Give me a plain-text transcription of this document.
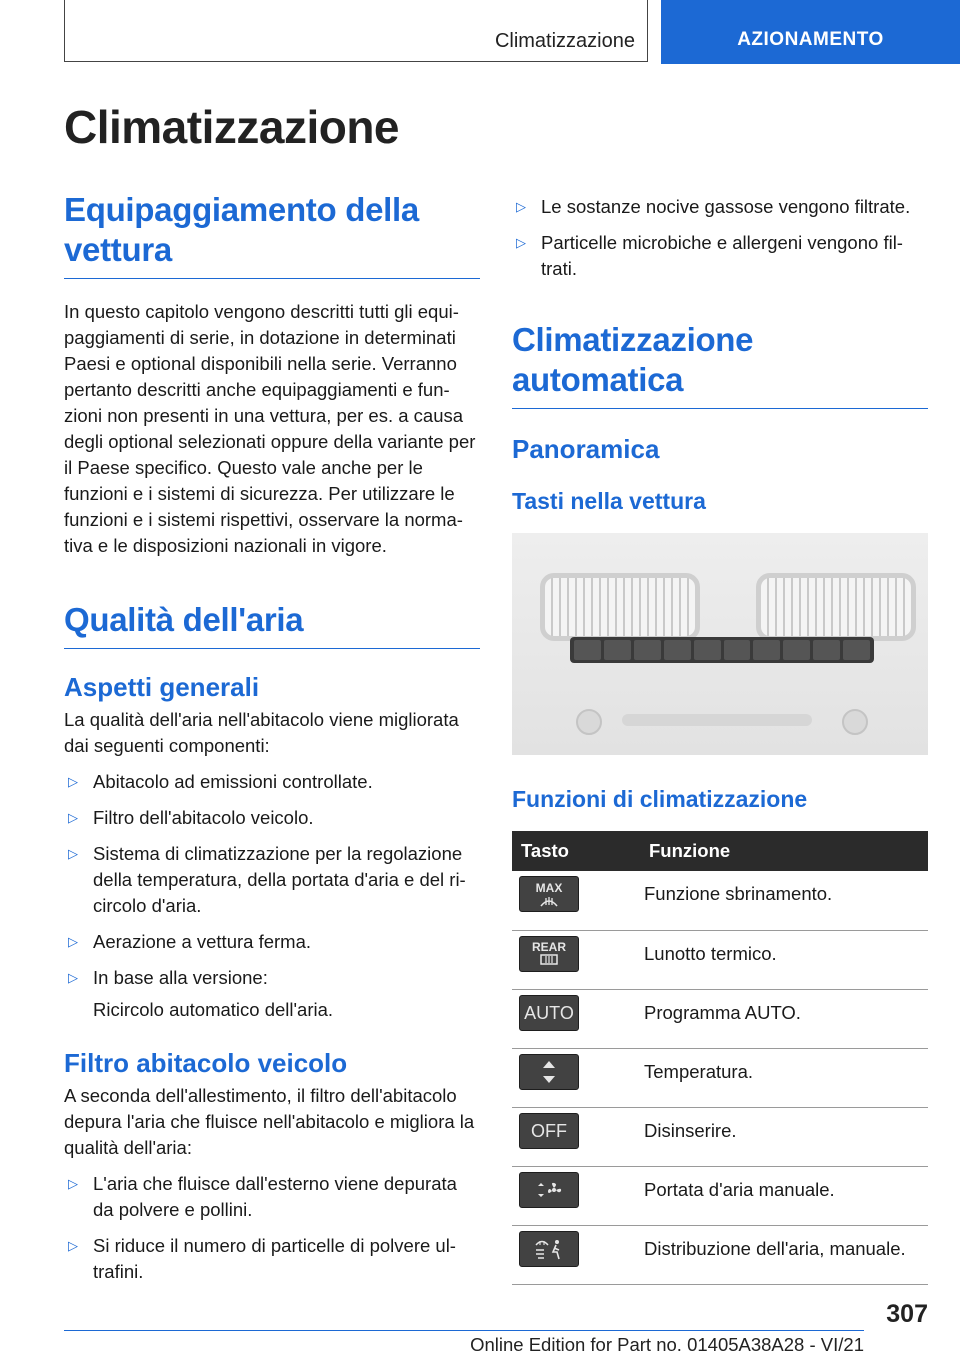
Climatizzazione	AZIONAMENTO
Climatizzazione
Equipaggiamento della vettura

In questo capitolo vengono descritti tutti gli equi-paggiamenti di serie, in dotazione in determinati Paesi e optional disponibili nella serie. Verranno pertanto descritti anche equipaggiamenti e fun-zioni non presenti in una vettura, per es. a causa degli optional selezionati oppure della variante per il Paese specifico. Questo vale anche per le funzioni e i sistemi di sicurezza. Per utilizzare le funzioni e i sistemi rispettivi, osservare la norma-tiva e le disposizioni nazionali in vigore.

Qualità dell'aria
Aspetti generali

La qualità dell'aria nell'abitacolo viene migliorata dai seguenti componenti:

▷ Abitacolo ad emissioni controllate.
▷ Filtro dell'abitacolo veicolo.
▷ Sistema di climatizzazione per la regolazione della temperatura, della portata d'aria e del ri-circolo d'aria.
▷ Aerazione a vettura ferma.
▷ In base alla versione:
Ricircolo automatico dell'aria.
Filtro abitacolo veicolo

A seconda dell'allestimento, il filtro dell'abitacolo depura l'aria che fluisce nell'abitacolo e migliora la qualità dell'aria:

▷ L'aria che fluisce dall'esterno viene depurata da polvere e pollini.
▷ Si riduce il numero di particelle di polvere ul-trafini.
▷ Le sostanze nocive gassose vengono filtrate.
▷ Particelle microbiche e allergeni vengono fil-trati.
Climatizzazione automatica
Panoramica
Tasti nella vettura
Funzioni di climatizzazione
Tasto	Funzione

MAX	Funzione sbrinamento.

REAR	Lunotto termico.

AUTO	Programma AUTO.

	Temperatura.

OFF	Disinserire.

	Portata d'aria manuale.

	Distribuzione dell'aria, manuale.
307
Online Edition for Part no. 01405A38A28 - VI/21
